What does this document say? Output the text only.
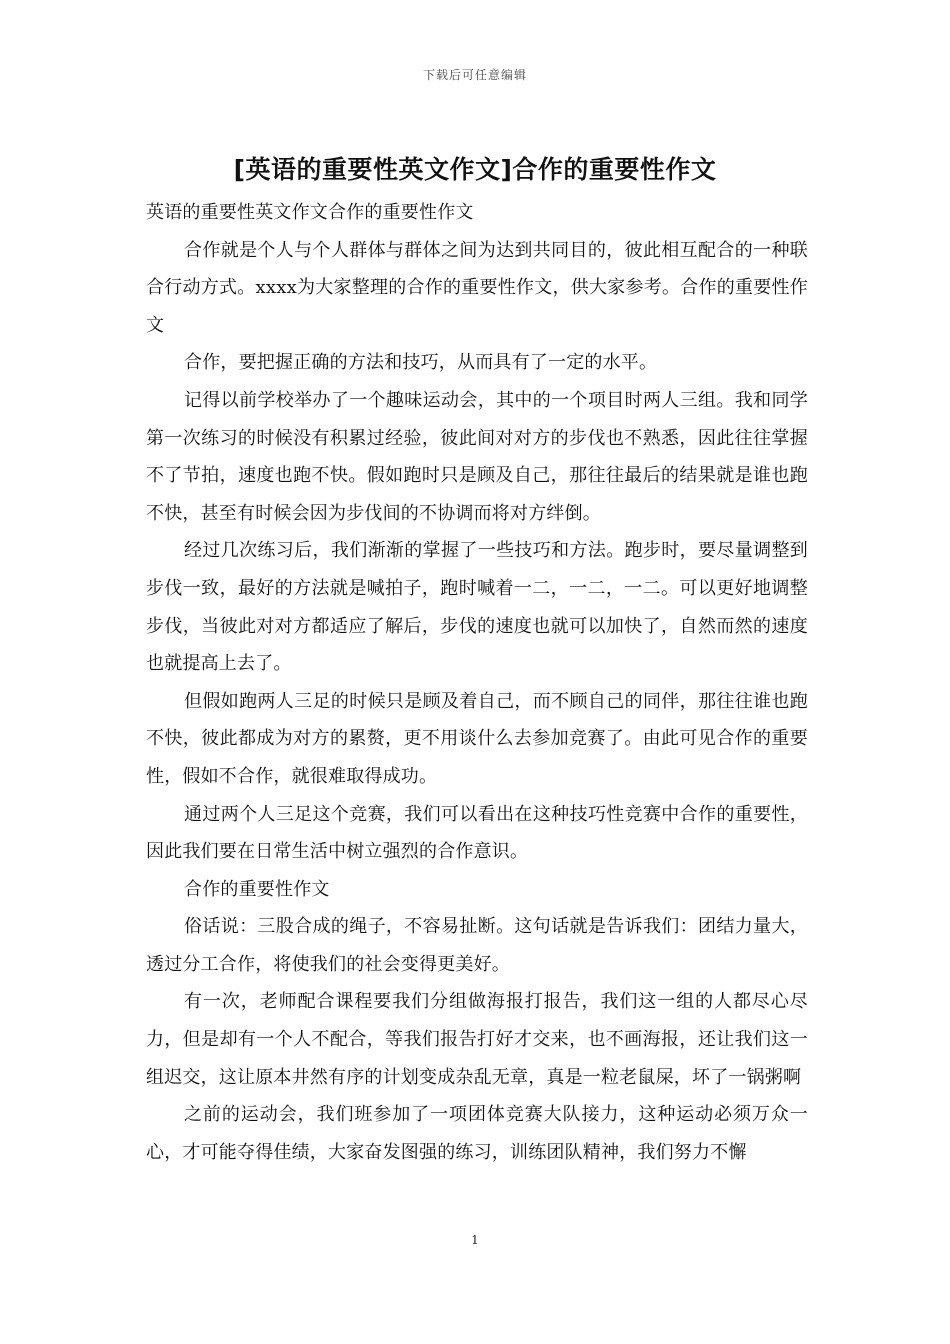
下载后可任意编辑
[英语的重要性英文作文]合作的重要性作文

英语的重要性英文作文合作的重要性作文

合作就是个人与个人群体与群体之间为达到共同目的，彼此相互配合的一种联合行动方式。xxxx为大家整理的合作的重要性作文，供大家参考。合作的重要性作文

合作，要把握正确的方法和技巧，从而具有了一定的水平。

记得以前学校举办了一个趣味运动会，其中的一个项目时两人三组。我和同学第一次练习的时候没有积累过经验，彼此间对对方的步伐也不熟悉，因此往往掌握不了节拍，速度也跑不快。假如跑时只是顾及自己，那往往最后的结果就是谁也跑不快，甚至有时候会因为步伐间的不协调而将对方绊倒。

经过几次练习后，我们渐渐的掌握了一些技巧和方法。跑步时，要尽量调整到步伐一致，最好的方法就是喊拍子，跑时喊着一二，一二，一二。可以更好地调整步伐，当彼此对对方都适应了解后，步伐的速度也就可以加快了，自然而然的速度也就提高上去了。

但假如跑两人三足的时候只是顾及着自己，而不顾自己的同伴，那往往谁也跑不快，彼此都成为对方的累赘，更不用谈什么去参加竞赛了。由此可见合作的重要性，假如不合作，就很难取得成功。

通过两个人三足这个竞赛，我们可以看出在这种技巧性竞赛中合作的重要性，因此我们要在日常生活中树立强烈的合作意识。

合作的重要性作文

俗话说：三股合成的绳子，不容易扯断。这句话就是告诉我们：团结力量大，透过分工合作，将使我们的社会变得更美好。

有一次，老师配合课程要我们分组做海报打报告，我们这一组的人都尽心尽力，但是却有一个人不配合，等我们报告打好才交来，也不画海报，还让我们这一组迟交，这让原本井然有序的计划变成杂乱无章，真是一粒老鼠屎，坏了一锅粥啊

之前的运动会，我们班参加了一项团体竞赛大队接力，这种运动必须万众一心，才可能夺得佳绩，大家奋发图强的练习，训练团队精神，我们努力不懈

1
